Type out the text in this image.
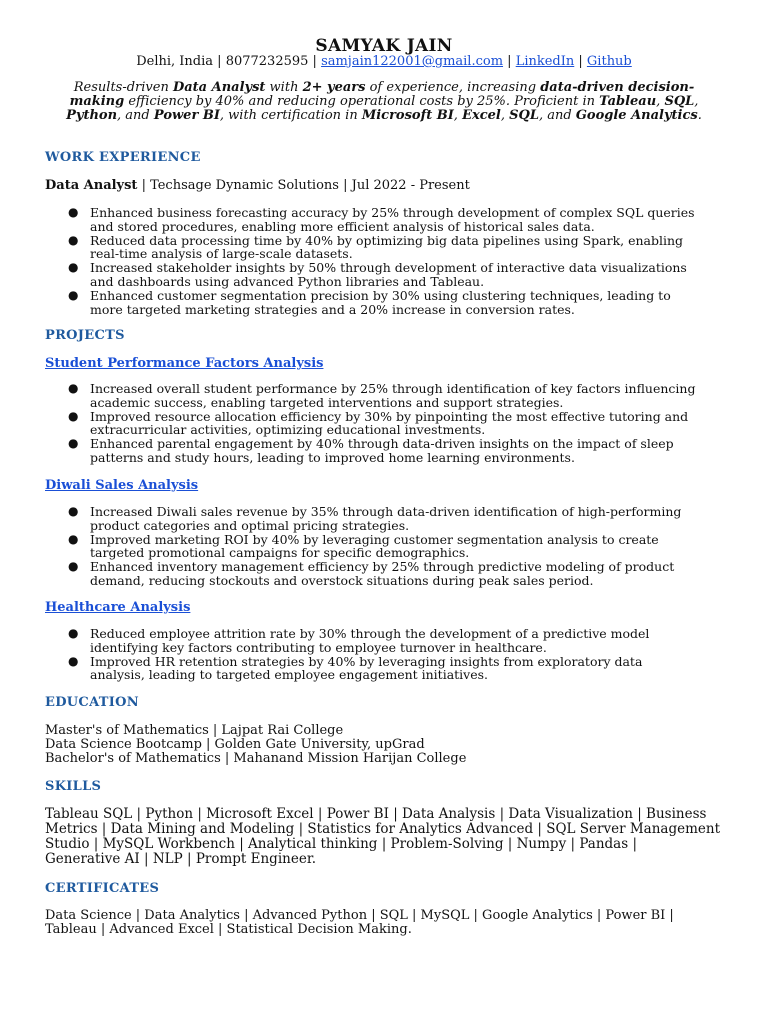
SAMYAK JAIN
Delhi, India | 8077232595 | samjain122001@gmail.com | LinkedIn | Github
Results-driven Data Analyst with 2+ years of experience, increasing data-driven decision-making efficiency by 40% and reducing operational costs by 25%. Proficient in Tableau, SQL, Python, and Power BI, with certification in Microsoft BI, Excel, SQL, and Google Analytics.
WORK EXPERIENCE
Data Analyst | Techsage Dynamic Solutions | Jul 2022 - Present
● Enhanced business forecasting accuracy by 25% through development of complex SQL queries
and stored procedures, enabling more efficient analysis of historical sales data.
● Reduced data processing time by 40% by optimizing big data pipelines using Spark, enabling
real-time analysis of large-scale datasets.
● Increased stakeholder insights by 50% through development of interactive data visualizations
and dashboards using advanced Python libraries and Tableau.
● Enhanced customer segmentation precision by 30% using clustering techniques, leading to
more targeted marketing strategies and a 20% increase in conversion rates.
PROJECTS
Student Performance Factors Analysis
● Increased overall student performance by 25% through identification of key factors influencing
academic success, enabling targeted interventions and support strategies.
● Improved resource allocation efficiency by 30% by pinpointing the most effective tutoring and
extracurricular activities, optimizing educational investments.
● Enhanced parental engagement by 40% through data-driven insights on the impact of sleep
patterns and study hours, leading to improved home learning environments.
Diwali Sales Analysis
● Increased Diwali sales revenue by 35% through data-driven identification of high-performing
product categories and optimal pricing strategies.
● Improved marketing ROI by 40% by leveraging customer segmentation analysis to create
targeted promotional campaigns for specific demographics.
● Enhanced inventory management efficiency by 25% through predictive modeling of product
demand, reducing stockouts and overstock situations during peak sales period.
Healthcare Analysis
● Reduced employee attrition rate by 30% through the development of a predictive model
identifying key factors contributing to employee turnover in healthcare.
● Improved HR retention strategies by 40% by leveraging insights from exploratory data
analysis, leading to targeted employee engagement initiatives.
EDUCATION
Master's of Mathematics | Lajpat Rai College
Data Science Bootcamp | Golden Gate University, upGrad
Bachelor's of Mathematics | Mahanand Mission Harijan College
SKILLS
Tableau SQL | Python | Microsoft Excel | Power BI | Data Analysis | Data Visualization | Business
Metrics | Data Mining and Modeling | Statistics for Analytics Advanced | SQL Server Management
Studio | MySQL Workbench | Analytical thinking | Problem-Solving | Numpy | Pandas |
Generative AI | NLP | Prompt Engineer.
CERTIFICATES
Data Science | Data Analytics | Advanced Python | SQL | MySQL | Google Analytics | Power BI |
Tableau | Advanced Excel | Statistical Decision Making.
